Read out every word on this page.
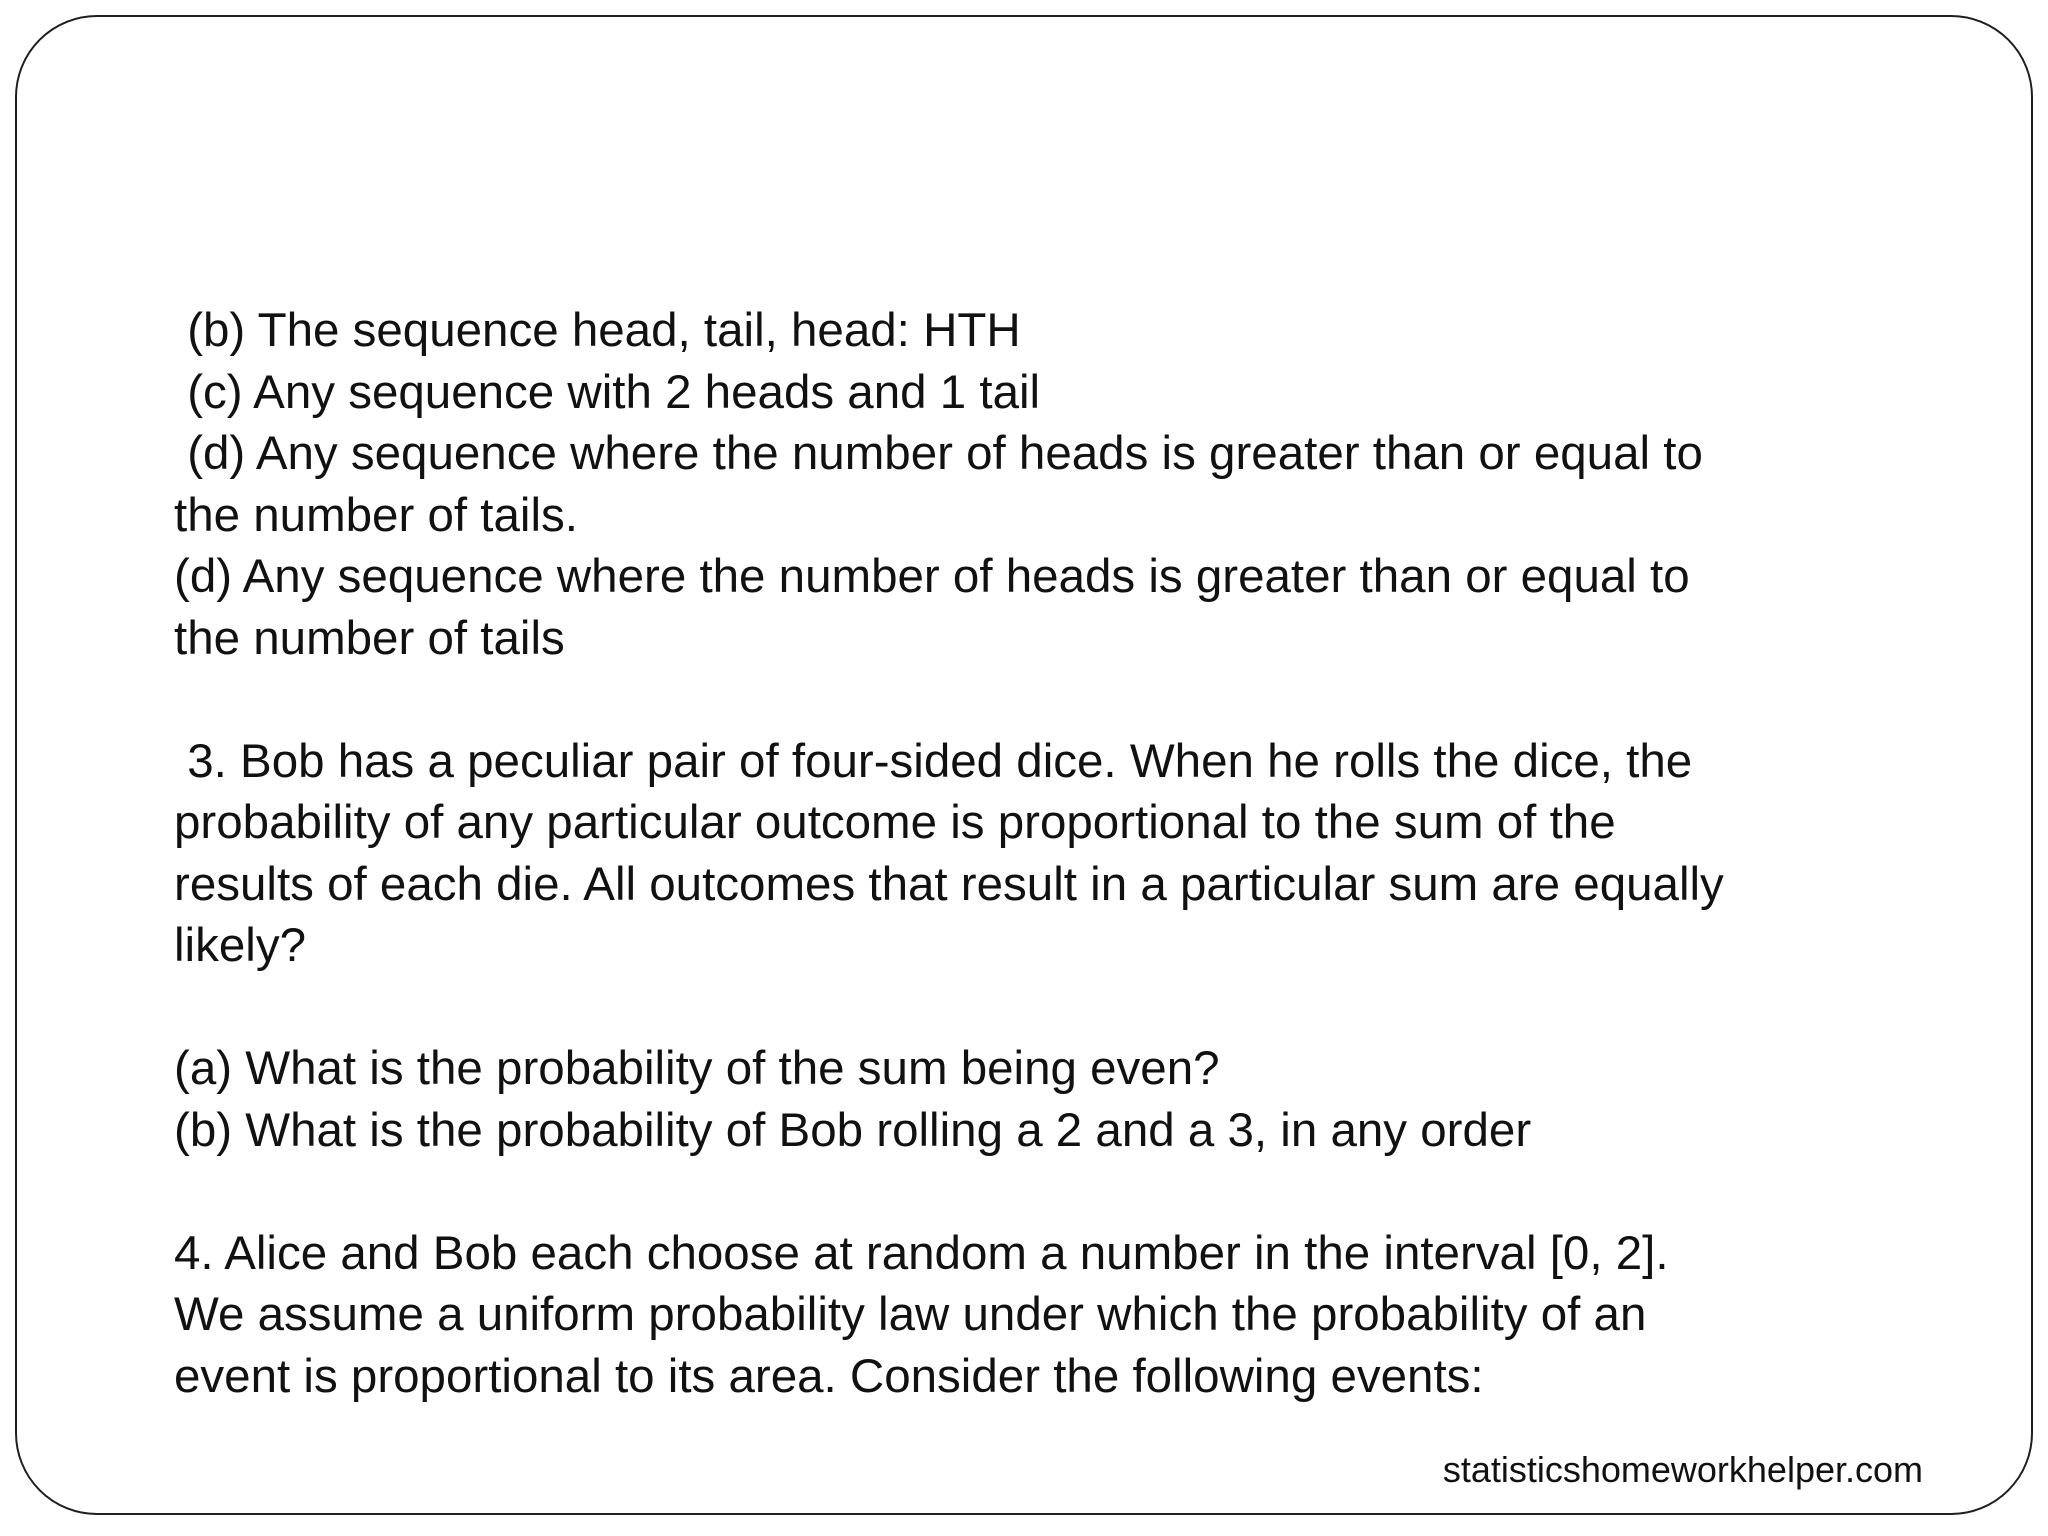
(b) The sequence head, tail, head: HTH
(c) Any sequence with 2 heads and 1 tail
(d) Any sequence where the number of heads is greater than or equal to
the number of tails.
(d) Any sequence where the number of heads is greater than or equal to
the number of tails
3. Bob has a peculiar pair of four-sided dice. When he rolls the dice, the
probability of any particular outcome is proportional to the sum of the
results of each die. All outcomes that result in a particular sum are equally
likely?
(a) What is the probability of the sum being even?
(b) What is the probability of Bob rolling a 2 and a 3, in any order
4. Alice and Bob each choose at random a number in the interval [0, 2].
We assume a uniform probability law under which the probability of an
event is proportional to its area. Consider the following events:
statisticshomeworkhelper.com
